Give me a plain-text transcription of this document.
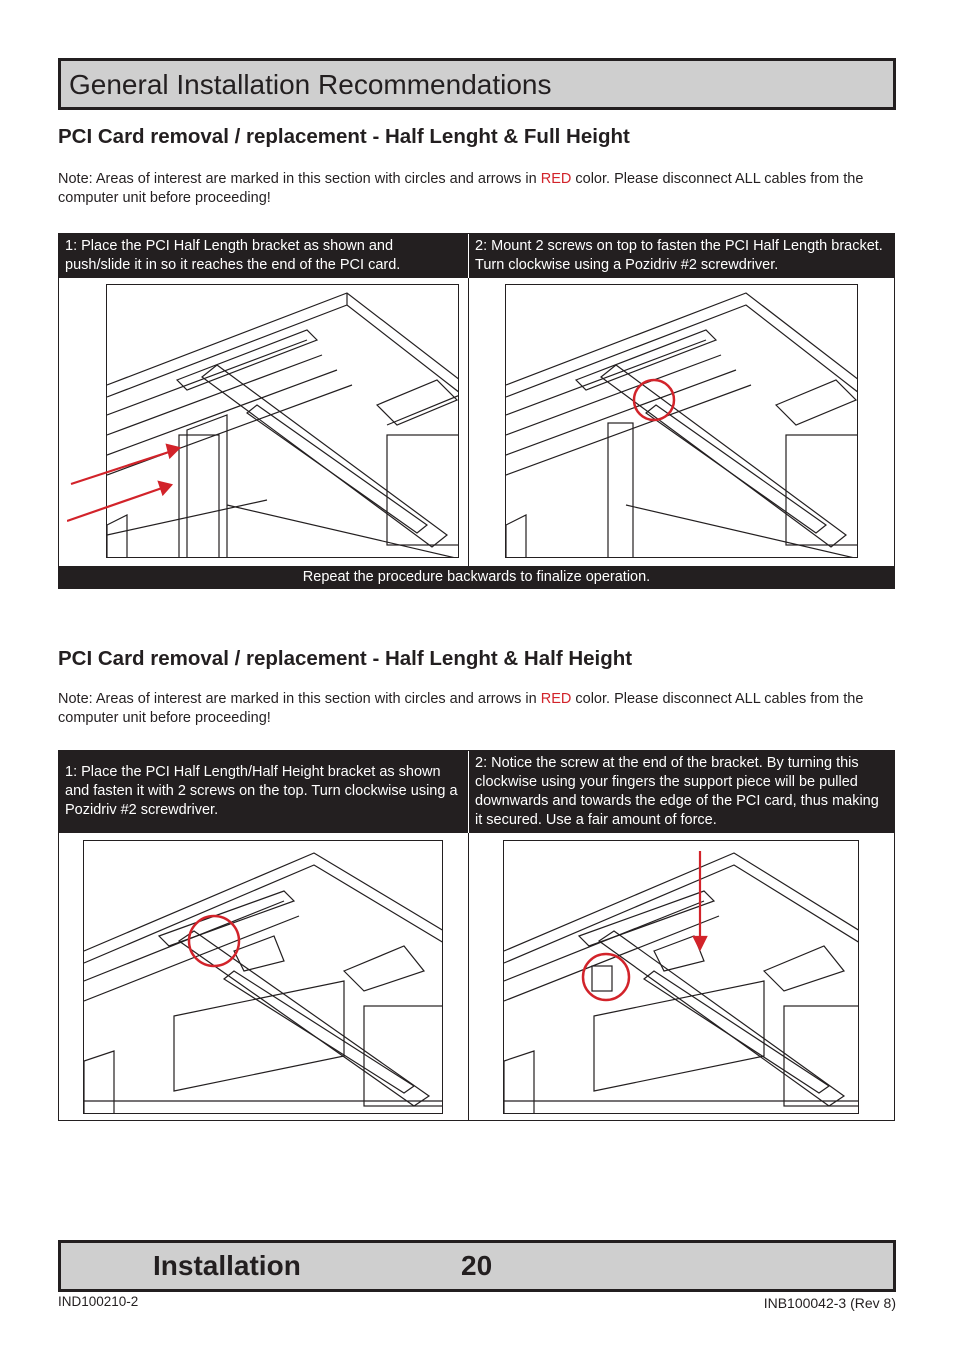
General Installation Recommendations
PCI Card removal / replacement - Half Lenght & Full Height
Note: Areas of interest are marked in this section with circles and arrows in RED color. Please disconnect ALL cables from the computer unit before proceeding!
1: Place the PCI Half Length bracket as shown and push/slide it in so it reaches the end of the PCI card.
2: Mount 2 screws on top to fasten the PCI Half Length bracket. Turn clockwise using a Pozidriv #2 screwdriver.
Repeat the procedure backwards to finalize operation.
PCI Card removal / replacement - Half Lenght & Half Height
Note: Areas of interest are marked in this section with circles and arrows in RED color. Please disconnect ALL cables from the computer unit before proceeding!
1: Place the PCI Half Length/Half Height bracket as shown and fasten it with 2 screws on the top. Turn clockwise using a Pozidriv #2 screwdriver.
2: Notice the screw at the end of the bracket. By turning this clockwise using your fingers the support piece will be pulled downwards and towards the edge of the PCI card, thus making it secured. Use a fair amount of force.
Installation	20
IND100210-2	INB100042-3 (Rev 8)
